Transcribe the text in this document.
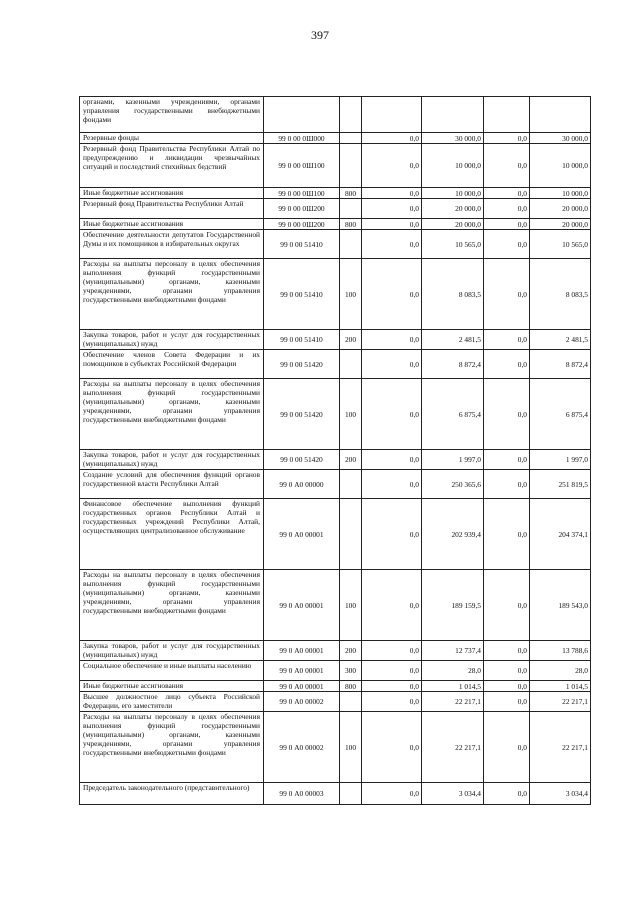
397
органами, казенными учреждениями, органами управления государственными внебюджетными фондами						
Резервные фонды	99 0 00 0Ш000		0,0	30 000,0	0,0	30 000,0
Резервный фонд Правительства Республики Алтай по предупреждению и ликвидации чрезвычайных ситуаций и последствий стихийных бедствий	99 0 00 0Ш100		0,0	10 000,0	0,0	10 000,0
Иные бюджетные ассигнования	99 0 00 0Ш100	800	0,0	10 000,0	0,0	10 000,0
Резервный фонд Правительства Республики Алтай	99 0 00 0Ш200		0,0	20 000,0	0,0	20 000,0
Иные бюджетные ассигнования	99 0 00 0Ш200	800	0,0	20 000,0	0,0	20 000,0
Обеспечение деятельности депутатов Государственной Думы и их помощников в избирательных округах	99 0 00 51410		0,0	10 565,0	0,0	10 565,0
Расходы на выплаты персоналу в целях обеспечения выполнения функций государственными (муниципальными) органами, казенными учреждениями, органами управления государственными внебюджетными фондами	99 0 00 51410	100	0,0	8 083,5	0,0	8 083,5
Закупка товаров, работ и услуг для государственных (муниципальных) нужд	99 0 00 51410	200	0,0	2 481,5	0,0	2 481,5
Обеспечение членов Совета Федерации и их помощников в субъектах Российской Федерации	99 0 00 51420		0,0	8 872,4	0,0	8 872,4
Расходы на выплаты персоналу в целях обеспечения выполнения функций государственными (муниципальными) органами, казенными учреждениями, органами управления государственными внебюджетными фондами	99 0 00 51420	100	0,0	6 875,4	0,0	6 875,4
Закупка товаров, работ и услуг для государственных (муниципальных) нужд	99 0 00 51420	200	0,0	1 997,0	0,0	1 997,0
Создание условий для обеспечения функций органов государственной власти Республики Алтай	99 0 А0 00000		0,0	250 365,6	0,0	251 819,5
Финансовое обеспечение выполнения функций государственных органов Республики Алтай и государственных учреждений Республики Алтай, осуществляющих централизованное обслуживание	99 0 А0 00001		0,0	202 939,4	0,0	204 374,1
Расходы на выплаты персоналу в целях обеспечения выполнения функций государственными (муниципальными) органами, казенными учреждениями, органами управления государственными внебюджетными фондами	99 0 А0 00001	100	0,0	189 159,5	0,0	189 543,0
Закупка товаров, работ и услуг для государственных (муниципальных) нужд	99 0 А0 00001	200	0,0	12 737,4	0,0	13 788,6
Социальное обеспечение и иные выплаты населению	99 0 А0 00001	300	0,0	28,0	0,0	28,0
Иные бюджетные ассигнования	99 0 А0 00001	800	0,0	1 014,5	0,0	1 014,5
Высшее должностное лицо субъекта Российской Федерации, его заместители	99 0 А0 00002		0,0	22 217,1	0,0	22 217,1
Расходы на выплаты персоналу в целях обеспечения выполнения функций государственными (муниципальными) органами, казенными учреждениями, органами управления государственными внебюджетными фондами	99 0 А0 00002	100	0,0	22 217,1	0,0	22 217,1
Председатель законодательного (представительного)	99 0 А0 00003		0,0	3 034,4	0,0	3 034,4
